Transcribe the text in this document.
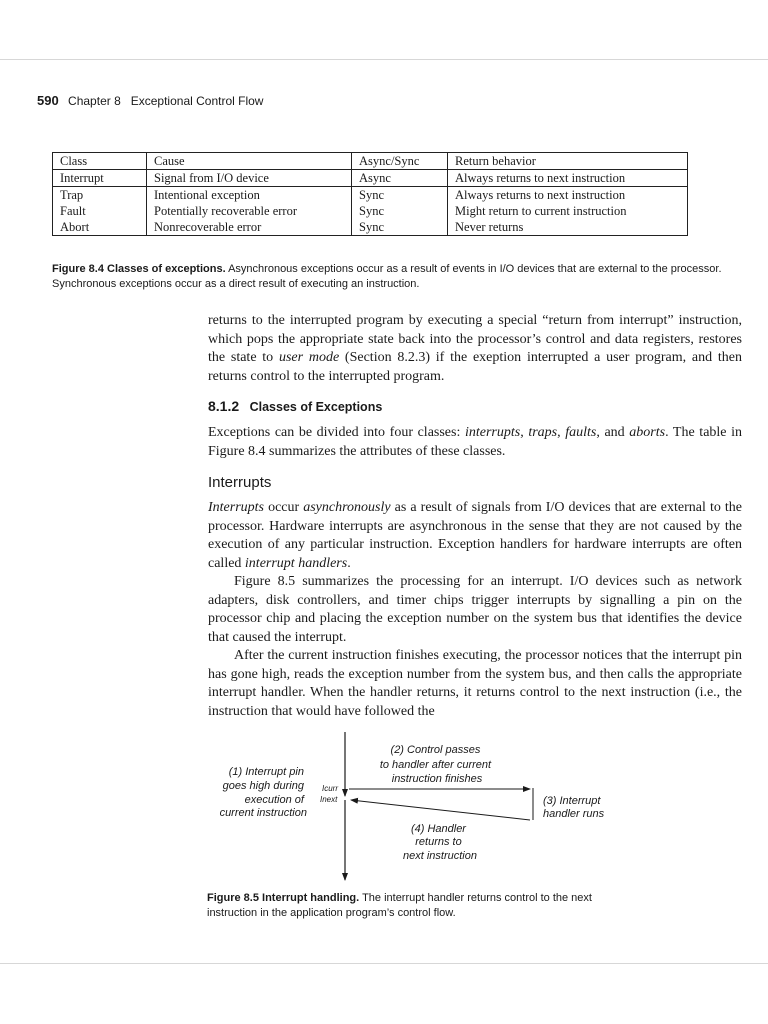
590 Chapter 8   Exceptional Control Flow
Class	Cause	Async/Sync	Return behavior
Interrupt	Signal from I/O device	Async	Always returns to next instruction
Trap	Intentional exception	Sync	Always returns to next instruction
Fault	Potentially recoverable error	Sync	Might return to current instruction
Abort	Nonrecoverable error	Sync	Never returns
Figure 8.4 Classes of exceptions. Asynchronous exceptions occur as a result of events in I/O devices that are external to the processor. Synchronous exceptions occur as a direct result of executing an instruction.

returns to the interrupted program by executing a special “return from interrupt” instruction, which pops the appropriate state back into the processor’s control and data registers, restores the state to user mode (Section 8.2.3) if the exeption interrupted a user program, and then returns control to the interrupted program.

8.1.2 Classes of Exceptions

Exceptions can be divided into four classes: interrupts, traps, faults, and aborts. The table in Figure 8.4 summarizes the attributes of these classes.

Interrupts

Interrupts occur asynchronously as a result of signals from I/O devices that are external to the processor. Hardware interrupts are asynchronous in the sense that they are not caused by the execution of any particular instruction. Exception handlers for hardware interrupts are often called interrupt handlers.

Figure 8.5 summarizes the processing for an interrupt. I/O devices such as network adapters, disk controllers, and timer chips trigger interrupts by signalling a pin on the processor chip and placing the exception number on the system bus that identifies the device that caused the interrupt.

After the current instruction finishes executing, the processor notices that the interrupt pin has gone high, reads the exception number from the system bus, and then calls the appropriate interrupt handler. When the handler returns, it returns control to the next instruction (i.e., the instruction that would have followed the

Icurr
Inext
(1) Interrupt pin goes high during execution of current instruction
(2) Control passes to handler after current instruction finishes
(3) Interrupt handler runs
(4) Handler returns to next instruction
Figure 8.5 Interrupt handling. The interrupt handler returns control to the next instruction in the application program’s control flow.
